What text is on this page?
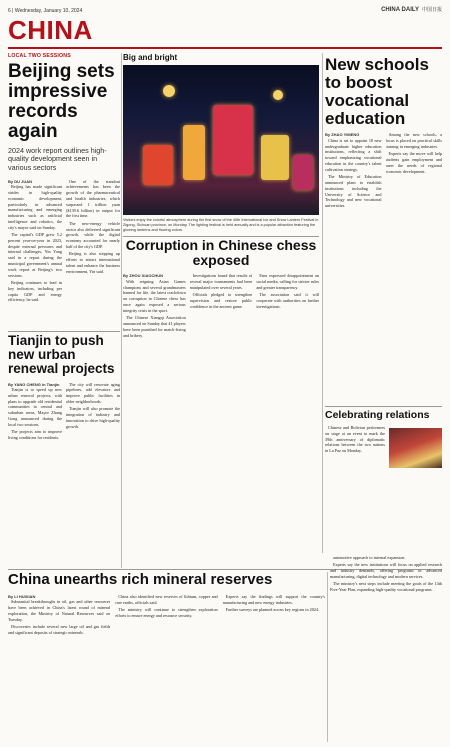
6 | Wednesday, January 10, 2024	CHINA DAILY 中国日报
CHINA
LOCAL TWO SESSIONS
Beijing sets impressive records again
2024 work report outlines high-quality development seen in various sectors
By DU JUAN

Beijing has made significant strides in high-quality economic development, particularly in advanced manufacturing and emerging industries such as artificial intelligence and robotics, the city's mayor said on Sunday.

The capital's GDP grew 5.2 percent year-on-year in 2023, despite external pressures and internal challenges, Yin Yong said in a report during the municipal government's annual work report at Beijing's two sessions.

Beijing continues to lead in key indicators, including per capita GDP and energy efficiency, he said.

One of the standout achievements has been the growth of the pharmaceutical and health industries, which surpassed 1 trillion yuan ($139.6 billion) in output for the first time.

The new-energy vehicle sector also delivered significant growth, while the digital economy accounted for nearly half of the city's GDP.

Beijing is also stepping up efforts to attract international talent and enhance the business environment, Yin said.

Big and bright
Visitors enjoy the colorful atmosphere during the first snow of the 40th International Ice and Snow Lantern Festival in Zigong, Sichuan province, on Monday. The lighting festival is held annually and is a popular attraction featuring the glowing lanterns and flowing colors.
New schools to boost vocational education
By ZHAO YIMENG

China is set to appoint 18 new undergraduate higher education institutions, reflecting a shift toward emphasizing vocational education in the country's talent cultivation strategy.

The Ministry of Education announced plans to establish institutions including the University of Science and Technology and new vocational universities.

Among the new schools, a focus is placed on practical skills training in emerging industries.

Experts say the move will help students gain employment and meet the needs of regional economic development.

Corruption in Chinese chess exposed
By ZHOU XIAOCHUN

With reigning Asian Games champions and several grandmasters banned for life, the latest crackdown on corruption in Chinese chess has once again exposed a serious integrity crisis in the sport.

The Chinese Xiangqi Association announced on Sunday that 41 players have been punished for match-fixing and bribery.

Investigations found that results of several major tournaments had been manipulated over several years.

Officials pledged to strengthen supervision and restore public confidence in the ancient game.

Fans expressed disappointment on social media, calling for stricter rules and greater transparency.

The association said it will cooperate with authorities on further investigations.

Tianjin to push new urban renewal projects
By YANG CHENG in Tianjin

Tianjin is to speed up new urban renewal projects, with plans to upgrade old residential communities in central and suburban areas, Mayor Zhang Gong announced during the local two sessions.

The projects aim to improve living conditions for residents.

The city will renovate aging pipelines, add elevators and improve public facilities in older neighborhoods.

Tianjin will also promote the integration of industry and innovation to drive high-quality growth.

Celebrating relations

Chinese and Bolivian performers on stage at an event to mark the 39th anniversary of diplomatic relations between the two nations in La Paz on Monday.

China unearths rich mineral reserves
By LI HUIXIAN

Substantial breakthroughs in oil, gas and other resources have been achieved in China's latest round of mineral exploration, the Ministry of Natural Resources said on Tuesday.

Discoveries include several new large oil and gas fields and significant deposits of strategic minerals.

China also identified new reserves of lithium, copper and rare earths, officials said.

The ministry will continue to strengthen exploration efforts to ensure energy and resource security.

Experts say the findings will support the country's manufacturing and new energy industries.

Further surveys are planned across key regions in 2024.

automotive approach to internal expansion.

Experts say the new institutions will focus on applied research and industry demands, offering programs in advanced manufacturing, digital technology and modern services.

The ministry's next steps include meeting the goals of the 14th Five-Year Plan, expanding high-quality vocational programs.
